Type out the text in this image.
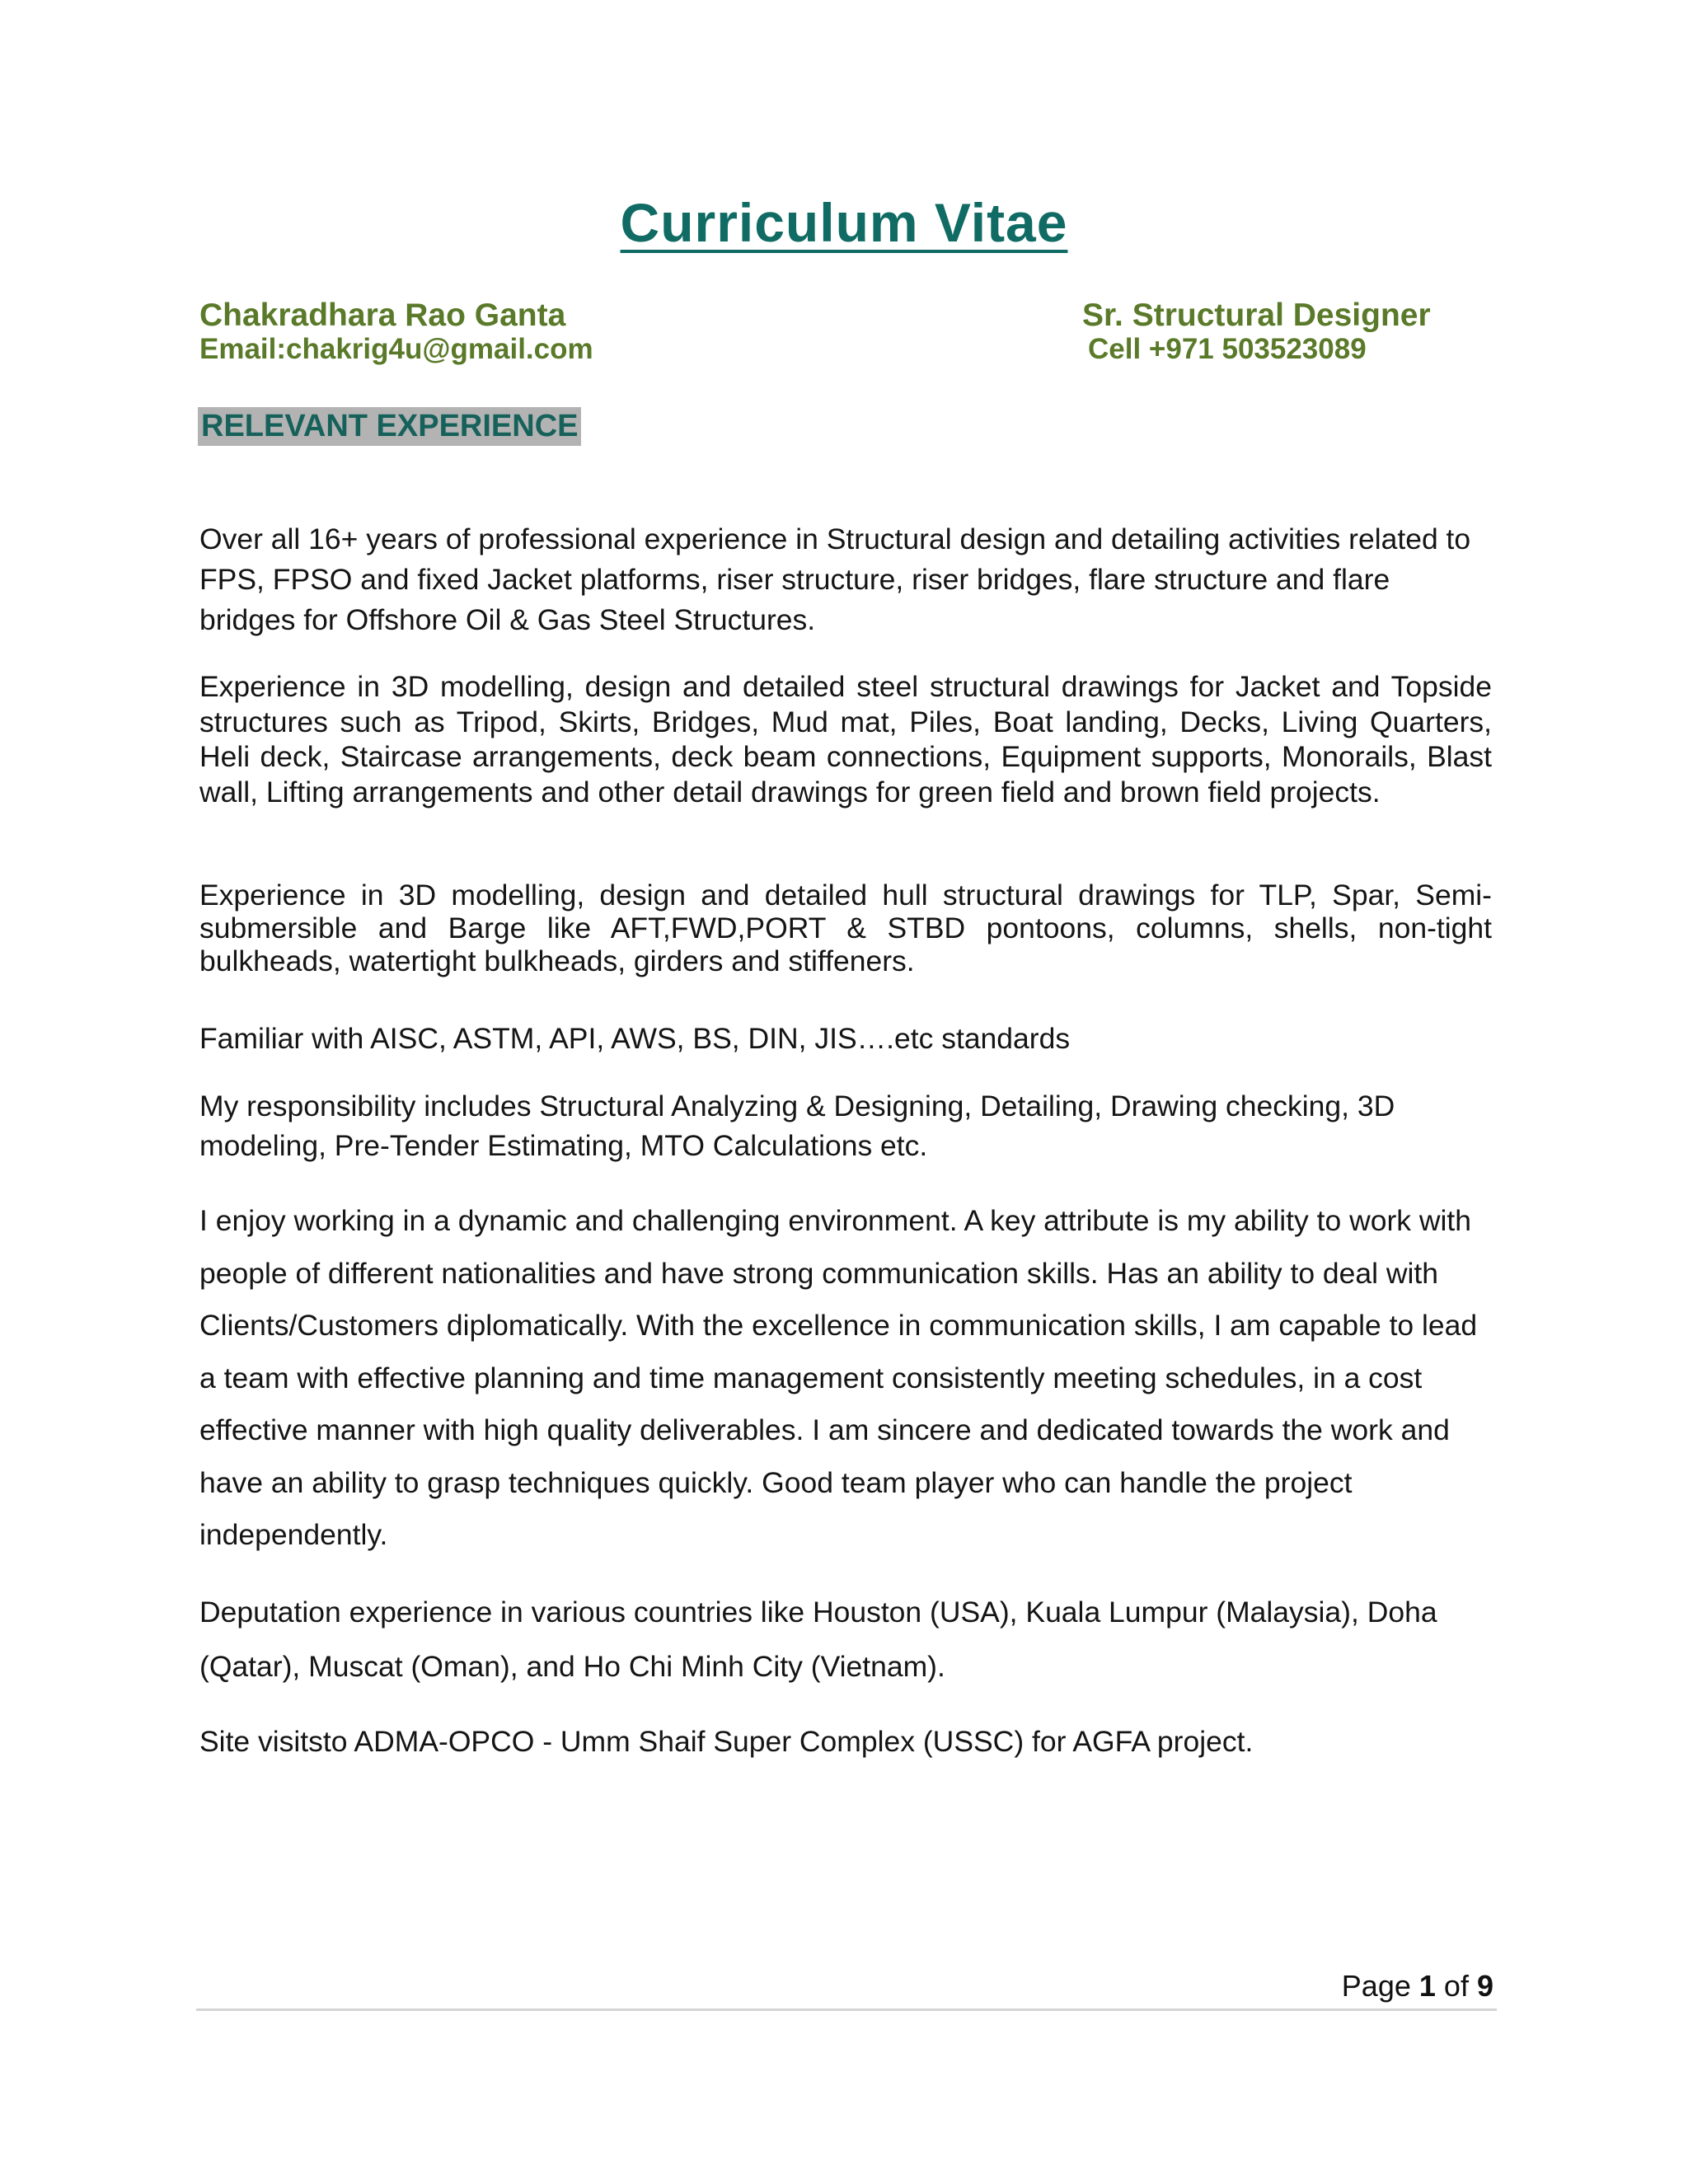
Curriculum Vitae
Chakradhara Rao Ganta	Sr. Structural Designer
Email:chakrig4u@gmail.com	Cell +971 503523089
RELEVANT EXPERIENCE
Over all 16+ years of professional experience in Structural design and detailing activities related to FPS, FPSO and fixed Jacket platforms, riser structure, riser bridges, flare structure and flare bridges for Offshore Oil & Gas Steel Structures.
Experience in 3D modelling, design and detailed steel structural drawings for Jacket and Topside structures such as Tripod, Skirts, Bridges, Mud mat, Piles, Boat landing, Decks, Living Quarters, Heli deck, Staircase arrangements, deck beam connections, Equipment supports, Monorails, Blast wall, Lifting arrangements and other detail drawings for green field and brown field projects.
Experience in 3D modelling, design and detailed hull structural drawings for TLP, Spar, Semi-submersible and Barge like AFT,FWD,PORT & STBD pontoons, columns, shells, non-tight bulkheads, watertight bulkheads, girders and stiffeners.
Familiar with AISC, ASTM, API, AWS, BS, DIN, JIS….etc standards
My responsibility includes Structural Analyzing & Designing, Detailing, Drawing checking, 3D modeling, Pre-Tender Estimating, MTO Calculations etc.
I enjoy working in a dynamic and challenging environment. A key attribute is my ability to work with people of different nationalities and have strong communication skills. Has an ability to deal with Clients/Customers diplomatically. With the excellence in communication skills, I am capable to lead a team with effective planning and time management consistently meeting schedules, in a cost effective manner with high quality deliverables. I am sincere and dedicated towards the work and have an ability to grasp techniques quickly. Good team player who can handle the project independently.
Deputation experience in various countries like Houston (USA), Kuala Lumpur (Malaysia), Doha (Qatar), Muscat (Oman), and Ho Chi Minh City (Vietnam).
Site visitsto ADMA-OPCO - Umm Shaif Super Complex (USSC) for AGFA project.
Page 1 of 9
